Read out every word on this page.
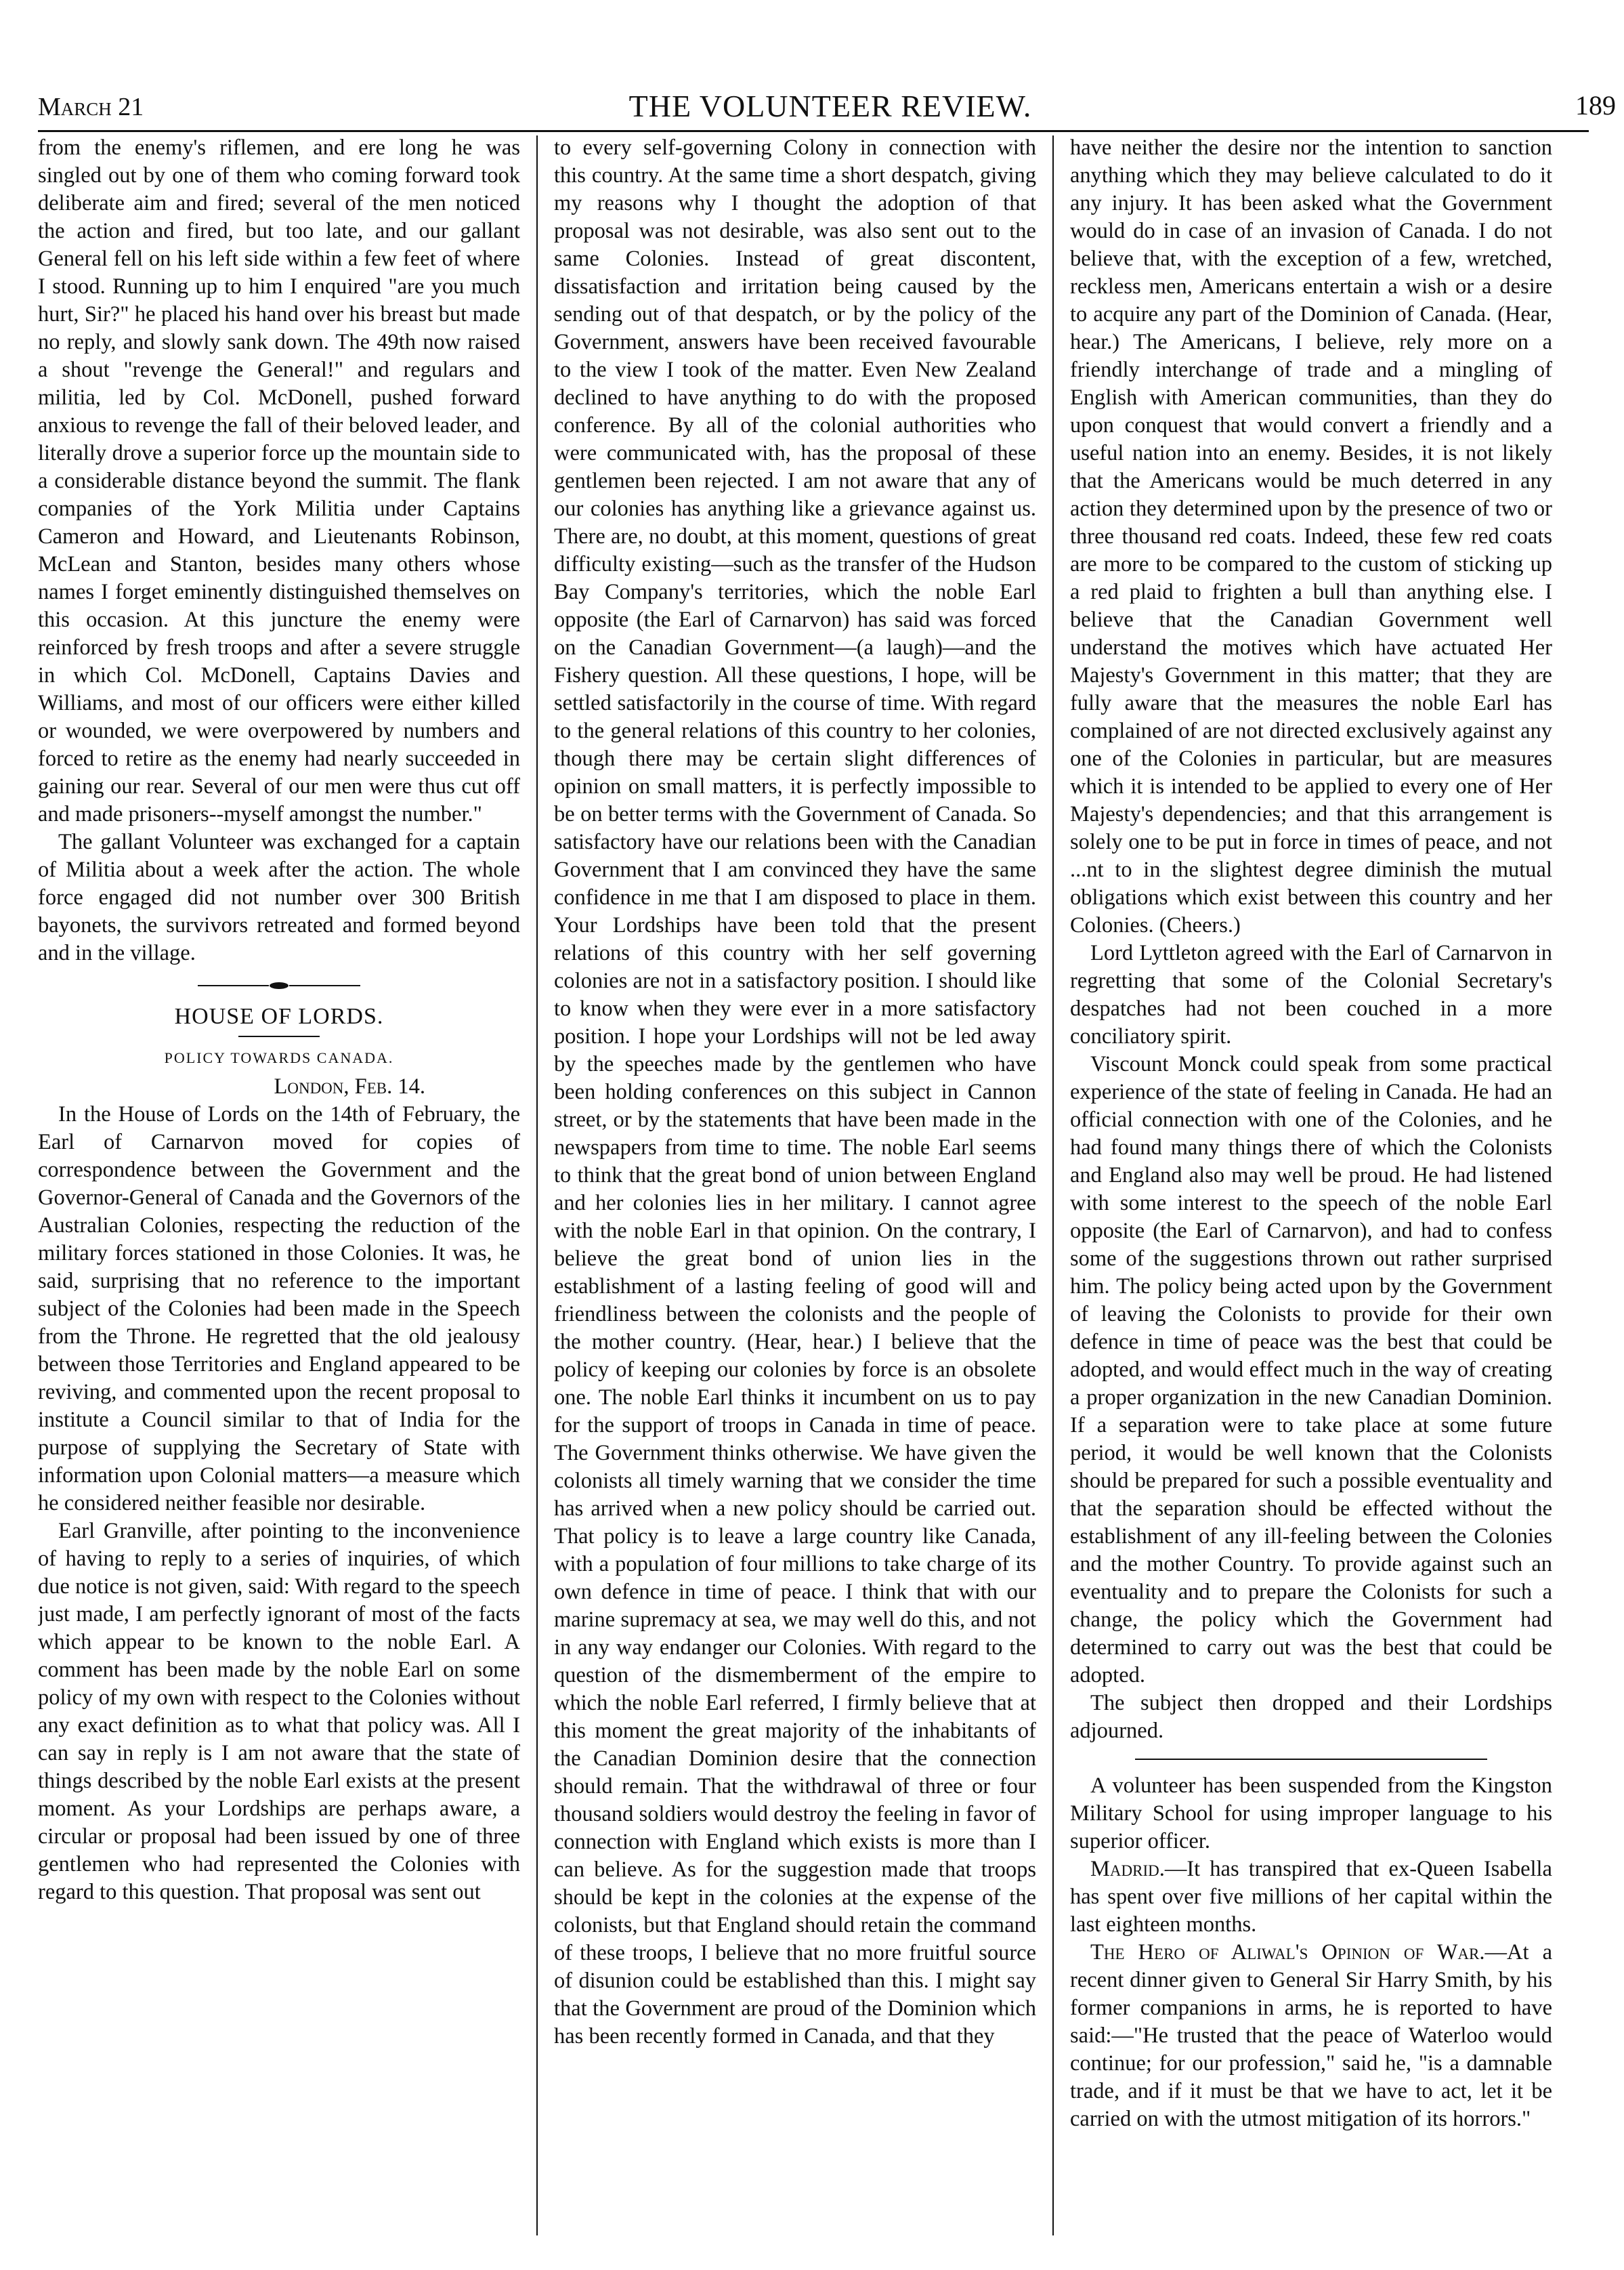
March 21	THE VOLUNTEER REVIEW.	189

from the enemy's riflemen, and ere long he was singled out by one of them who coming forward took deliberate aim and fired; several of the men noticed the action and fired, but too late, and our gallant General fell on his left side within a few feet of where I stood. Running up to him I enquired "are you much hurt, Sir?" he placed his hand over his breast but made no reply, and slowly sank down. The 49th now raised a shout "revenge the General!" and regulars and militia, led by Col. McDonell, pushed forward anxious to revenge the fall of their beloved leader, and literally drove a superior force up the mountain side to a considerable distance beyond the summit. The flank companies of the York Militia under Captains Cameron and Howard, and Lieutenants Robinson, McLean and Stanton, besides many others whose names I forget eminently distinguished themselves on this occasion. At this juncture the enemy were reinforced by fresh troops and after a severe struggle in which Col. McDonell, Captains Davies and Williams, and most of our officers were either killed or wounded, we were overpowered by numbers and forced to retire as the enemy had nearly succeeded in gaining our rear. Several of our men were thus cut off and made prisoners--myself amongst the number."

The gallant Volunteer was exchanged for a captain of Militia about a week after the action. The whole force engaged did not number over 300 British bayonets, the survivors retreated and formed beyond and in the village.

HOUSE OF LORDS.
POLICY TOWARDS CANADA.

London, Feb. 14.

In the House of Lords on the 14th of February, the Earl of Carnarvon moved for copies of correspondence between the Government and the Governor-General of Canada and the Governors of the Australian Colonies, respecting the reduction of the military forces stationed in those Colonies. It was, he said, surprising that no reference to the important subject of the Colonies had been made in the Speech from the Throne. He regretted that the old jealousy between those Territories and England appeared to be reviving, and commented upon the recent proposal to institute a Council similar to that of India for the purpose of supplying the Secretary of State with information upon Colonial matters—a measure which he considered neither feasible nor desirable.

Earl Granville, after pointing to the inconvenience of having to reply to a series of inquiries, of which due notice is not given, said: With regard to the speech just made, I am perfectly ignorant of most of the facts which appear to be known to the noble Earl. A comment has been made by the noble Earl on some policy of my own with respect to the Colonies without any exact definition as to what that policy was. All I can say in reply is I am not aware that the state of things described by the noble Earl exists at the present moment. As your Lordships are perhaps aware, a circular or proposal had been issued by one of three gentlemen who had represented the Colonies with regard to this question. That proposal was sent out

to every self-governing Colony in connection with this country. At the same time a short despatch, giving my reasons why I thought the adoption of that proposal was not desirable, was also sent out to the same Colonies. Instead of great discontent, dissatisfaction and irritation being caused by the sending out of that despatch, or by the policy of the Government, answers have been received favourable to the view I took of the matter. Even New Zealand declined to have anything to do with the proposed conference. By all of the colonial authorities who were communicated with, has the proposal of these gentlemen been rejected. I am not aware that any of our colonies has anything like a grievance against us. There are, no doubt, at this moment, questions of great difficulty existing—such as the transfer of the Hudson Bay Company's territories, which the noble Earl opposite (the Earl of Carnarvon) has said was forced on the Canadian Government—(a laugh)—and the Fishery question. All these questions, I hope, will be settled satisfactorily in the course of time. With regard to the general relations of this country to her colonies, though there may be certain slight differences of opinion on small matters, it is perfectly impossible to be on better terms with the Government of Canada. So satisfactory have our relations been with the Canadian Government that I am convinced they have the same confidence in me that I am disposed to place in them. Your Lordships have been told that the present relations of this country with her self governing colonies are not in a satisfactory position. I should like to know when they were ever in a more satisfactory position. I hope your Lordships will not be led away by the speeches made by the gentlemen who have been holding conferences on this subject in Cannon street, or by the statements that have been made in the newspapers from time to time. The noble Earl seems to think that the great bond of union between England and her colonies lies in her military. I cannot agree with the noble Earl in that opinion. On the contrary, I believe the great bond of union lies in the establishment of a lasting feeling of good will and friendliness between the colonists and the people of the mother country. (Hear, hear.) I believe that the policy of keeping our colonies by force is an obsolete one. The noble Earl thinks it incumbent on us to pay for the support of troops in Canada in time of peace. The Government thinks otherwise. We have given the colonists all timely warning that we consider the time has arrived when a new policy should be carried out. That policy is to leave a large country like Canada, with a population of four millions to take charge of its own defence in time of peace. I think that with our marine supremacy at sea, we may well do this, and not in any way endanger our Colonies. With regard to the question of the dismemberment of the empire to which the noble Earl referred, I firmly believe that at this moment the great majority of the inhabitants of the Canadian Dominion desire that the connection should remain. That the withdrawal of three or four thousand soldiers would destroy the feeling in favor of connection with England which exists is more than I can believe. As for the suggestion made that troops should be kept in the colonies at the expense of the colonists, but that England should retain the command of these troops, I believe that no more fruitful source of disunion could be established than this. I might say that the Government are proud of the Dominion which has been recently formed in Canada, and that they

have neither the desire nor the intention to sanction anything which they may believe calculated to do it any injury. It has been asked what the Government would do in case of an invasion of Canada. I do not believe that, with the exception of a few, wretched, reckless men, Americans entertain a wish or a desire to acquire any part of the Dominion of Canada. (Hear, hear.) The Americans, I believe, rely more on a friendly interchange of trade and a mingling of English with American communities, than they do upon conquest that would convert a friendly and a useful nation into an enemy. Besides, it is not likely that the Americans would be much deterred in any action they determined upon by the presence of two or three thousand red coats. Indeed, these few red coats are more to be compared to the custom of sticking up a red plaid to frighten a bull than anything else. I believe that the Canadian Government well understand the motives which have actuated Her Majesty's Government in this matter; that they are fully aware that the measures the noble Earl has complained of are not directed exclusively against any one of the Colonies in particular, but are measures which it is intended to be applied to every one of Her Majesty's dependencies; and that this arrangement is solely one to be put in force in times of peace, and not ...nt to in the slightest degree diminish the mutual obligations which exist between this country and her Colonies. (Cheers.)

Lord Lyttleton agreed with the Earl of Carnarvon in regretting that some of the Colonial Secretary's despatches had not been couched in a more conciliatory spirit.

Viscount Monck could speak from some practical experience of the state of feeling in Canada. He had an official connection with one of the Colonies, and he had found many things there of which the Colonists and England also may well be proud. He had listened with some interest to the speech of the noble Earl opposite (the Earl of Carnarvon), and had to confess some of the suggestions thrown out rather surprised him. The policy being acted upon by the Government of leaving the Colonists to provide for their own defence in time of peace was the best that could be adopted, and would effect much in the way of creating a proper organization in the new Canadian Dominion. If a separation were to take place at some future period, it would be well known that the Colonists should be prepared for such a possible eventuality and that the separation should be effected without the establishment of any ill-feeling between the Colonies and the mother Country. To provide against such an eventuality and to prepare the Colonists for such a change, the policy which the Government had determined to carry out was the best that could be adopted.

The subject then dropped and their Lordships adjourned.

A volunteer has been suspended from the Kingston Military School for using improper language to his superior officer.

Madrid.—It has transpired that ex-Queen Isabella has spent over five millions of her capital within the last eighteen months.

The Hero of Aliwal's Opinion of War.—At a recent dinner given to General Sir Harry Smith, by his former companions in arms, he is reported to have said:—"He trusted that the peace of Waterloo would continue; for our profession," said he, "is a damnable trade, and if it must be that we have to act, let it be carried on with the utmost mitigation of its horrors."
